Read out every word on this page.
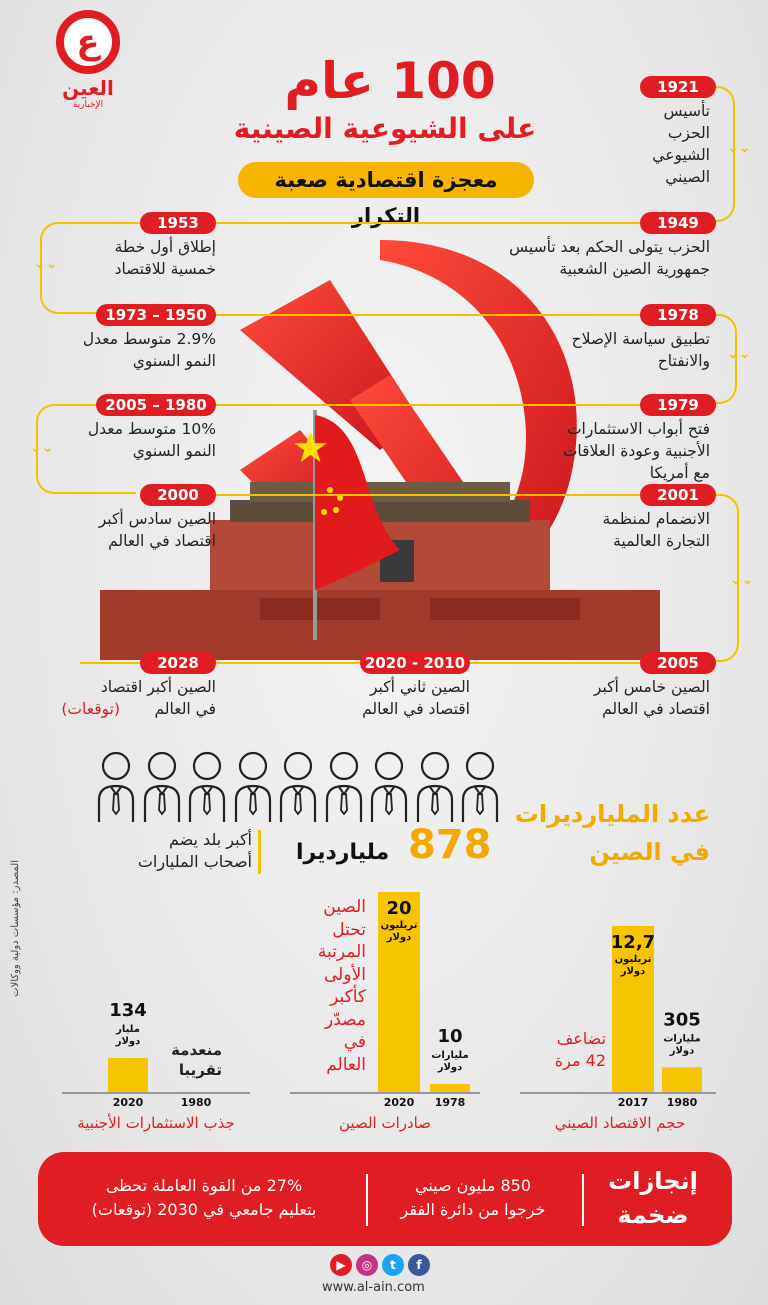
ع
العين
الإخبارية	100 عام
على الشيوعية الصينية
معجزة اقتصادية صعبة التكرار
⌄⌄
⌄⌄
⌄⌄
⌄⌄
⌄⌄
1921
تأسيس
الحزب
الشيوعي
الصيني
1949
الحزب يتولى الحكم بعد تأسيس
جمهورية الصين الشعبية
1953
إطلاق أول خطة
خمسية للاقتصاد
1978
تطبيق سياسة الإصلاح
والانفتاح
1973 – 1950
2.9% متوسط معدل
النمو السنوي
1979
فتح أبواب الاستثمارات
الأجنبية وعودة العلاقات
مع أمريكا
2005 – 1980
10% متوسط معدل
النمو السنوي
2001
الانضمام لمنظمة
التجارة العالمية
2000
الصين سادس أكبر
اقتصاد في العالم
2005
الصين خامس أكبر
اقتصاد في العالم
2020 - 2010
الصين ثاني أكبر
اقتصاد في العالم
2028
الصين أكبر اقتصاد
في العالم
(توقعات)
عدد المليارديرات
في الصين
878
مليارديرا
أكبر بلد يضم
أصحاب المليارات
المصدر: مؤسسات دولية ووكالات
305
مليارات
دولار
1980
12,7
تريليون
دولار
2017
10
مليارات
دولار
1978
20
تريليون
دولار
2020
134
مليار
دولار
2020	1980
تضاعف
42 مرة
الصين
تحتل
المرتبة
الأولى
كأكبر
مصدّر
في
العالم
منعدمة
تقريبا
حجم الاقتصاد الصيني
صادرات الصين
جذب الاستثمارات الأجنبية
إنجازات
ضخمة
850 مليون صيني
خرجوا من دائرة الفقر
27% من القوة العاملة تحظى
بتعليم جامعي في 2030 (توقعات)
f
t
◎
▶
www.al-ain.com
